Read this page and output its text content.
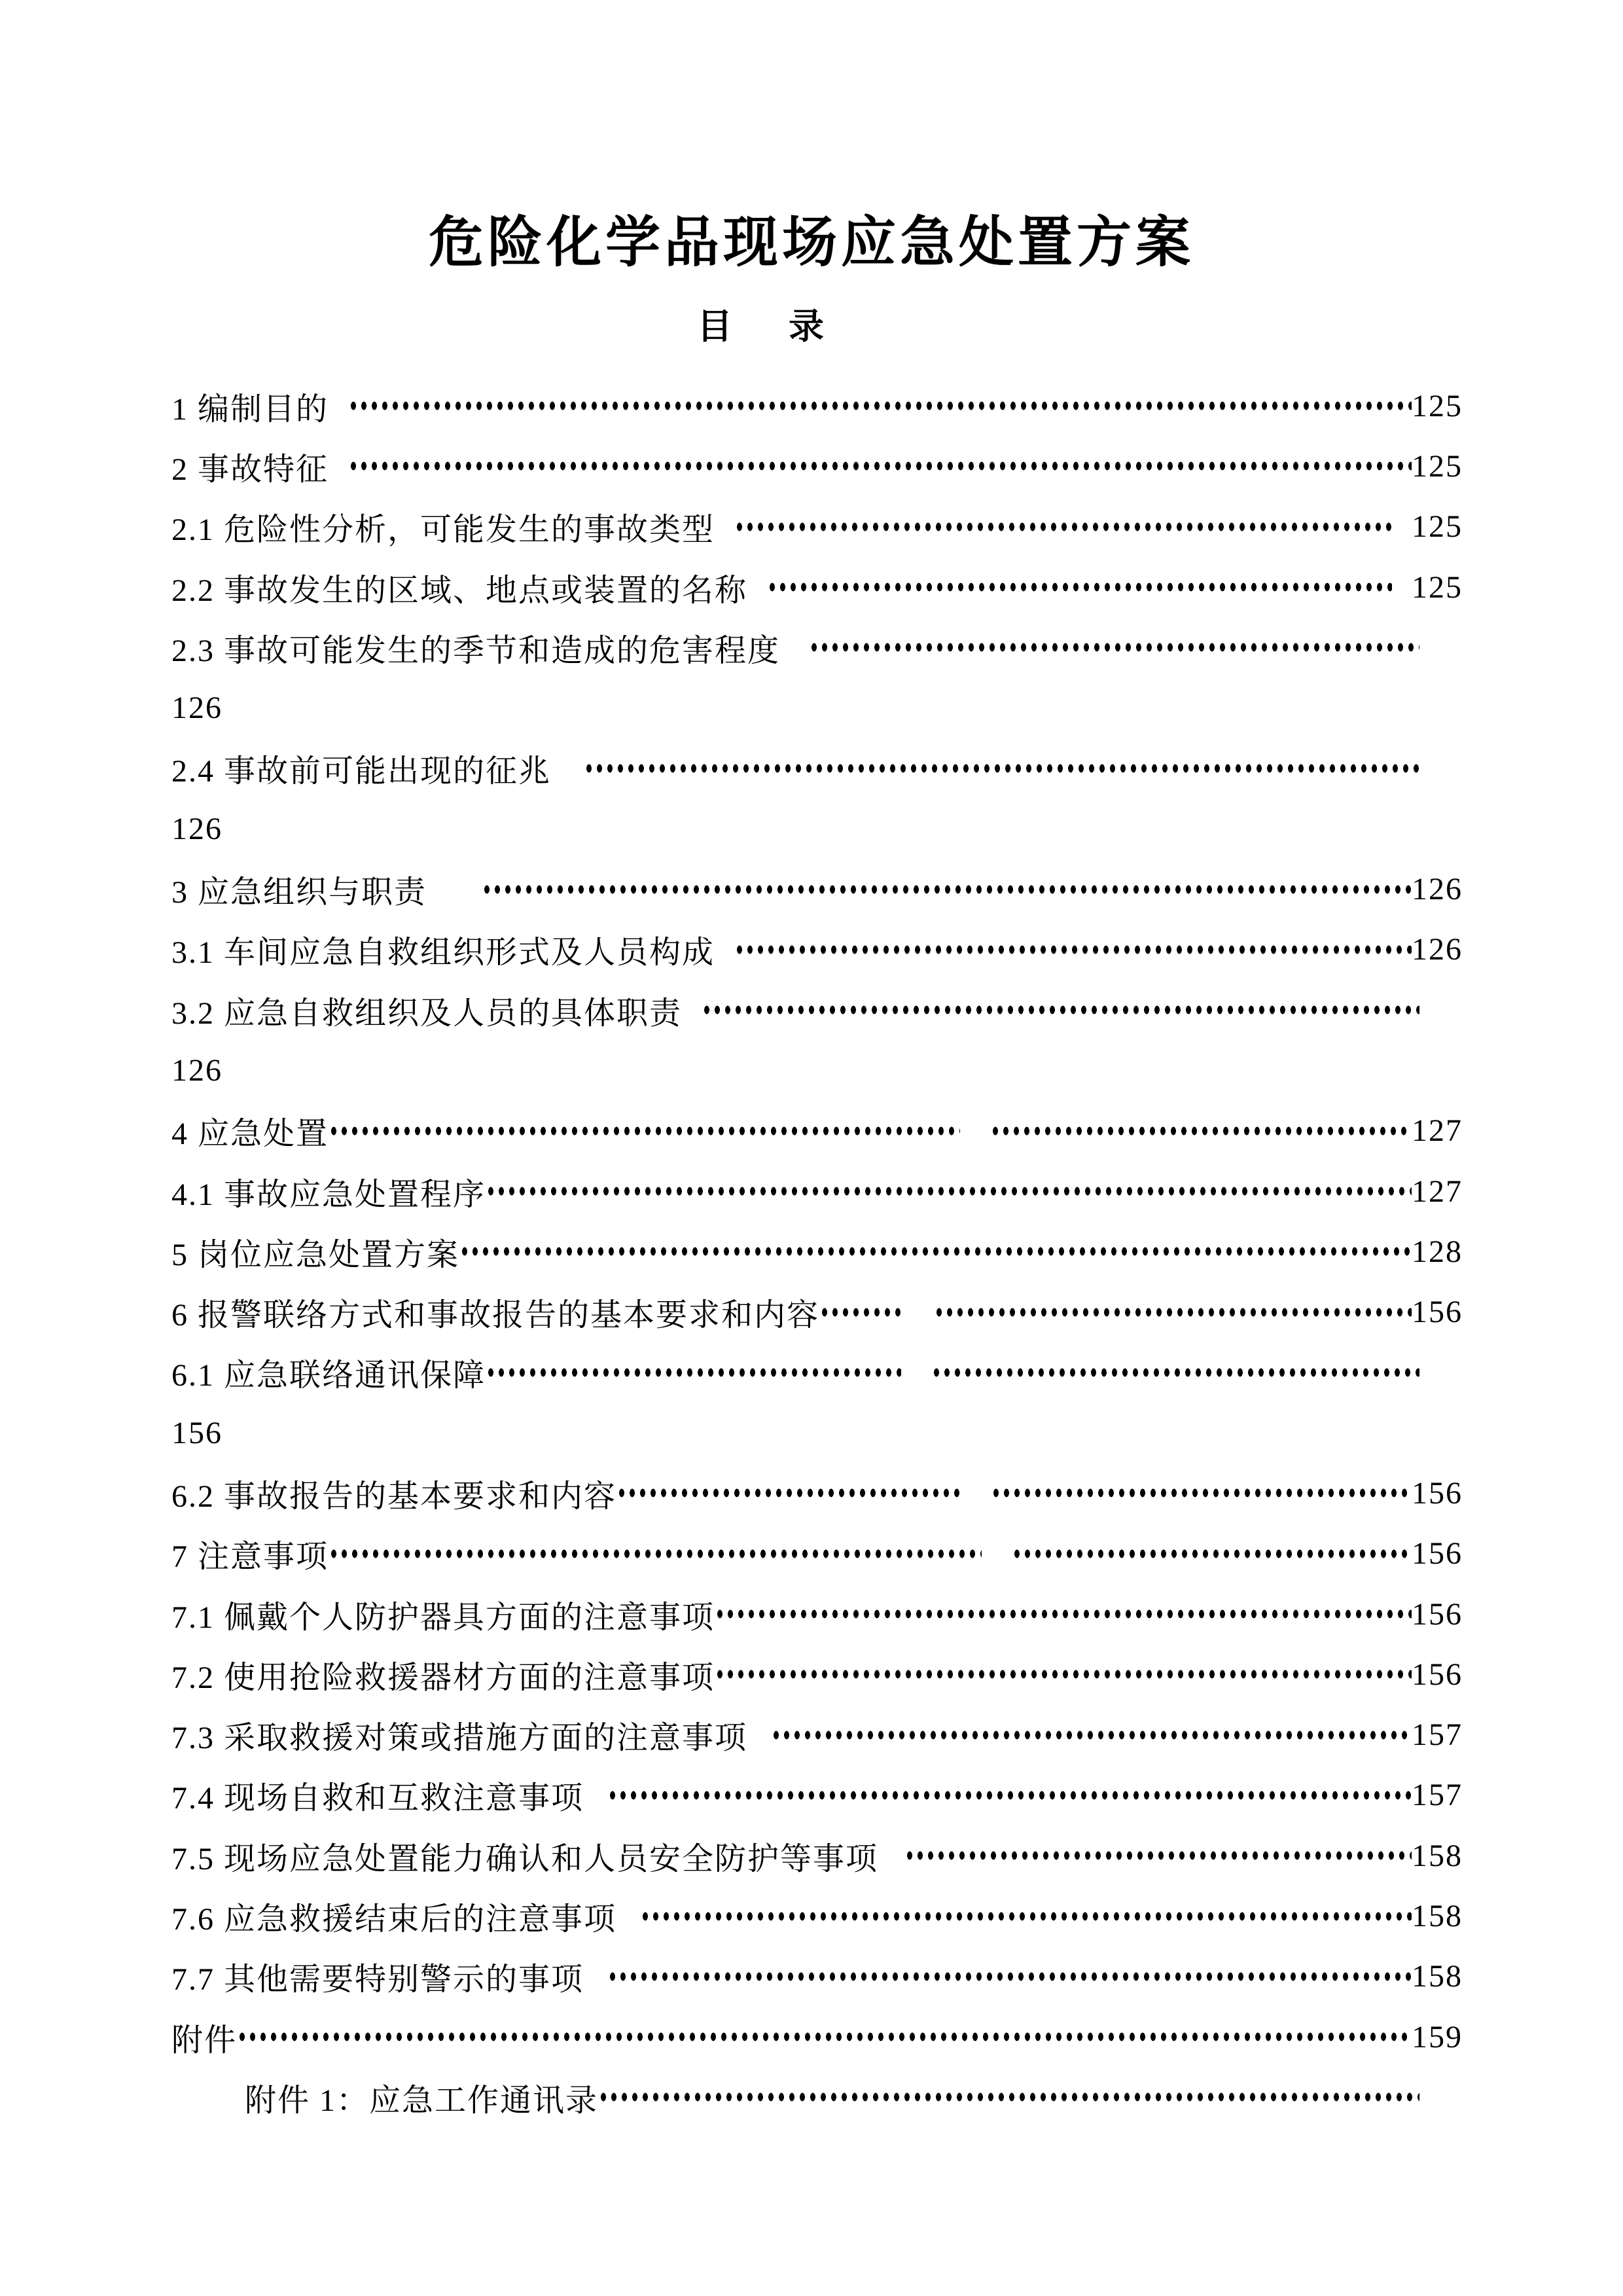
危险化学品现场应急处置方案
目　录
1 编制目的	125
2 事故特征	125
2.1 危险性分析，可能发生的事故类型	125
2.2 事故发生的区域、地点或装置的名称	125
2.3 事故可能发生的季节和造成的危害程度
126
2.4 事故前可能出现的征兆
126
3 应急组织与职责	126
3.1 车间应急自救组织形式及人员构成	126
3.2 应急自救组织及人员的具体职责
126
4 应急处置	127
4.1 事故应急处置程序	127
5 岗位应急处置方案	128
6 报警联络方式和事故报告的基本要求和内容	156
6.1 应急联络通讯保障
156
6.2 事故报告的基本要求和内容	156
7 注意事项	156
7.1 佩戴个人防护器具方面的注意事项	156
7.2 使用抢险救援器材方面的注意事项	156
7.3 采取救援对策或措施方面的注意事项	157
7.4 现场自救和互救注意事项	157
7.5 现场应急处置能力确认和人员安全防护等事项	158
7.6 应急救援结束后的注意事项	158
7.7 其他需要特别警示的事项	158
附件	159
附件 1：应急工作通讯录
